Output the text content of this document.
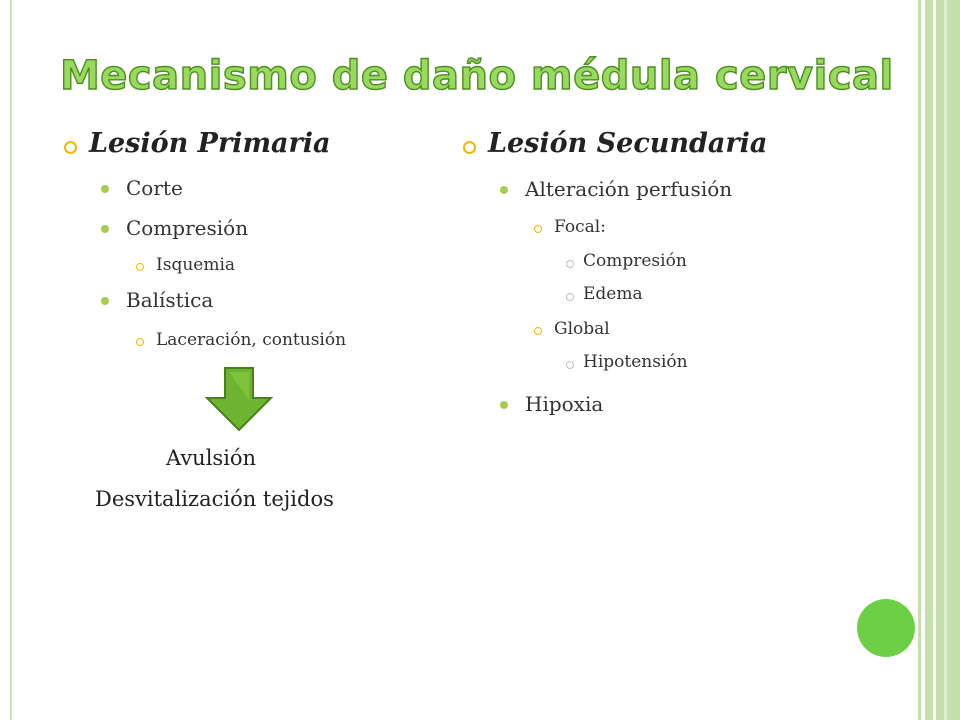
Mecanismo de daño médula cervical
Lesión Primaria
Corte
Compresión
Isquemia
Balística
Laceración, contusión
Avulsión
Desvitalización tejidos
Lesión Secundaria
Alteración perfusión
Focal:
Compresión
Edema
Global
Hipotensión
Hipoxia
